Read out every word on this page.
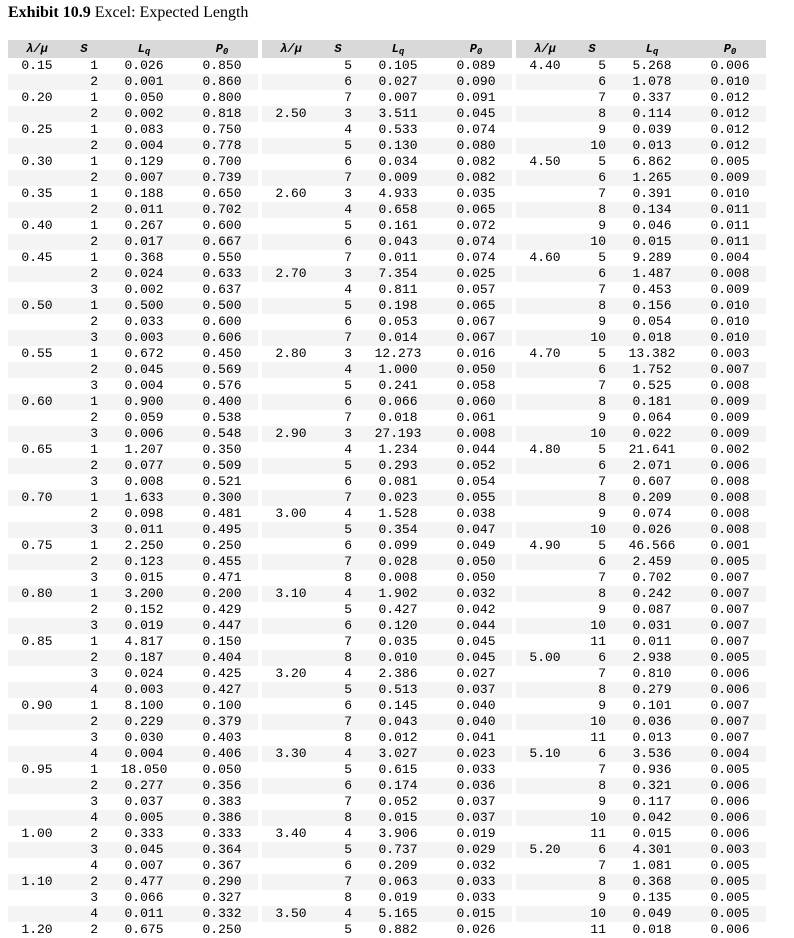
Exhibit 10.9 Excel: Expected Length
λ/μ	S	$L_q$	$P_0$
0.15	1	0.026	0.850
	2	0.001	0.860
0.20	1	0.050	0.800
	2	0.002	0.818
0.25	1	0.083	0.750
	2	0.004	0.778
0.30	1	0.129	0.700
	2	0.007	0.739
0.35	1	0.188	0.650
	2	0.011	0.702
0.40	1	0.267	0.600
	2	0.017	0.667
0.45	1	0.368	0.550
	2	0.024	0.633
	3	0.002	0.637
0.50	1	0.500	0.500
	2	0.033	0.600
	3	0.003	0.606
0.55	1	0.672	0.450
	2	0.045	0.569
	3	0.004	0.576
0.60	1	0.900	0.400
	2	0.059	0.538
	3	0.006	0.548
0.65	1	1.207	0.350
	2	0.077	0.509
	3	0.008	0.521
0.70	1	1.633	0.300
	2	0.098	0.481
	3	0.011	0.495
0.75	1	2.250	0.250
	2	0.123	0.455
	3	0.015	0.471
0.80	1	3.200	0.200
	2	0.152	0.429
	3	0.019	0.447
0.85	1	4.817	0.150
	2	0.187	0.404
	3	0.024	0.425
	4	0.003	0.427
0.90	1	8.100	0.100
	2	0.229	0.379
	3	0.030	0.403
	4	0.004	0.406
0.95	1	18.050	0.050
	2	0.277	0.356
	3	0.037	0.383
	4	0.005	0.386
1.00	2	0.333	0.333
	3	0.045	0.364
	4	0.007	0.367
1.10	2	0.477	0.290
	3	0.066	0.327
	4	0.011	0.332
1.20	2	0.675	0.250
λ/μ	S	$L_q$	$P_0$
	5	0.105	0.089
	6	0.027	0.090
	7	0.007	0.091
2.50	3	3.511	0.045
	4	0.533	0.074
	5	0.130	0.080
	6	0.034	0.082
	7	0.009	0.082
2.60	3	4.933	0.035
	4	0.658	0.065
	5	0.161	0.072
	6	0.043	0.074
	7	0.011	0.074
2.70	3	7.354	0.025
	4	0.811	0.057
	5	0.198	0.065
	6	0.053	0.067
	7	0.014	0.067
2.80	3	12.273	0.016
	4	1.000	0.050
	5	0.241	0.058
	6	0.066	0.060
	7	0.018	0.061
2.90	3	27.193	0.008
	4	1.234	0.044
	5	0.293	0.052
	6	0.081	0.054
	7	0.023	0.055
3.00	4	1.528	0.038
	5	0.354	0.047
	6	0.099	0.049
	7	0.028	0.050
	8	0.008	0.050
3.10	4	1.902	0.032
	5	0.427	0.042
	6	0.120	0.044
	7	0.035	0.045
	8	0.010	0.045
3.20	4	2.386	0.027
	5	0.513	0.037
	6	0.145	0.040
	7	0.043	0.040
	8	0.012	0.041
3.30	4	3.027	0.023
	5	0.615	0.033
	6	0.174	0.036
	7	0.052	0.037
	8	0.015	0.037
3.40	4	3.906	0.019
	5	0.737	0.029
	6	0.209	0.032
	7	0.063	0.033
	8	0.019	0.033
3.50	4	5.165	0.015
	5	0.882	0.026
λ/μ	S	$L_q$	$P_0$
4.40	5	5.268	0.006
	6	1.078	0.010
	7	0.337	0.012
	8	0.114	0.012
	9	0.039	0.012
	10	0.013	0.012
4.50	5	6.862	0.005
	6	1.265	0.009
	7	0.391	0.010
	8	0.134	0.011
	9	0.046	0.011
	10	0.015	0.011
4.60	5	9.289	0.004
	6	1.487	0.008
	7	0.453	0.009
	8	0.156	0.010
	9	0.054	0.010
	10	0.018	0.010
4.70	5	13.382	0.003
	6	1.752	0.007
	7	0.525	0.008
	8	0.181	0.009
	9	0.064	0.009
	10	0.022	0.009
4.80	5	21.641	0.002
	6	2.071	0.006
	7	0.607	0.008
	8	0.209	0.008
	9	0.074	0.008
	10	0.026	0.008
4.90	5	46.566	0.001
	6	2.459	0.005
	7	0.702	0.007
	8	0.242	0.007
	9	0.087	0.007
	10	0.031	0.007
	11	0.011	0.007
5.00	6	2.938	0.005
	7	0.810	0.006
	8	0.279	0.006
	9	0.101	0.007
	10	0.036	0.007
	11	0.013	0.007
5.10	6	3.536	0.004
	7	0.936	0.005
	8	0.321	0.006
	9	0.117	0.006
	10	0.042	0.006
	11	0.015	0.006
5.20	6	4.301	0.003
	7	1.081	0.005
	8	0.368	0.005
	9	0.135	0.005
	10	0.049	0.005
	11	0.018	0.006
